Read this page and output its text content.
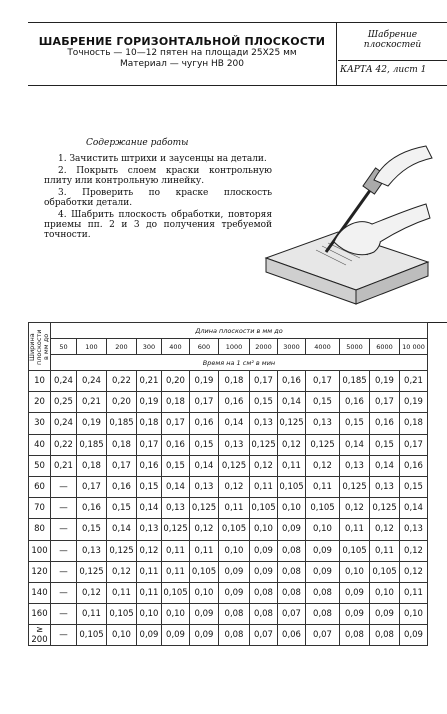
ШАБРЕНИЕ ГОРИЗОНТАЛЬНОЙ ПЛОСКОСТИ
Точность — 10—12 пятен на площади 25X25 мм
Материал — чугун HB 200
Шабрение
плоскостей
КАРТА 42, лист 1
Содержание работы

1. Зачистить штрихи и заусенцы на детали.

2. Покрыть слоем краски контрольную плиту или контрольную линейку.

3. Проверить по краске плоскость обработки детали.

4. Шабрить плоскость обработки, повторяя приемы пп. 2 и 3 до получения требуемой точности.

Ширина плоскости в мм до	Длина плоскости в мм до												
	50	100	200	300	400	600	1000	2000	3000	4000	5000	6000	10 000
	Время на 1 см² в мин												
10	0,24	0,24	0,22	0,21	0,20	0,19	0,18	0,17	0,16	0,17	0,185	0,19	0,21
20	0,25	0,21	0,20	0,19	0,18	0,17	0,16	0,15	0,14	0,15	0,16	0,17	0,19
30	0,24	0,19	0,185	0,18	0,17	0,16	0,14	0,13	0,125	0,13	0,15	0,16	0,18
40	0,22	0,185	0,18	0,17	0,16	0,15	0,13	0,125	0,12	0,125	0,14	0,15	0,17
50	0,21	0,18	0,17	0,16	0,15	0,14	0,125	0,12	0,11	0,12	0,13	0,14	0,16
60	—	0,17	0,16	0,15	0,14	0,13	0,12	0,11	0,105	0,11	0,125	0,13	0,15
70	—	0,16	0,15	0,14	0,13	0,125	0,11	0,105	0,10	0,105	0,12	0,125	0,14
80	—	0,15	0,14	0,13	0,125	0,12	0,105	0,10	0,09	0,10	0,11	0,12	0,13
100	—	0,13	0,125	0,12	0,11	0,11	0,10	0,09	0,08	0,09	0,105	0,11	0,12
120	—	0,125	0,12	0,11	0,11	0,105	0,09	0,09	0,08	0,09	0,10	0,105	0,12
140	—	0,12	0,11	0,11	0,105	0,10	0,09	0,08	0,08	0,08	0,09	0,10	0,11
160	—	0,11	0,105	0,10	0,10	0,09	0,08	0,08	0,07	0,08	0,09	0,09	0,10
≥ 200	—	0,105	0,10	0,09	0,09	0,09	0,08	0,07	0,06	0,07	0,08	0,08	0,09
